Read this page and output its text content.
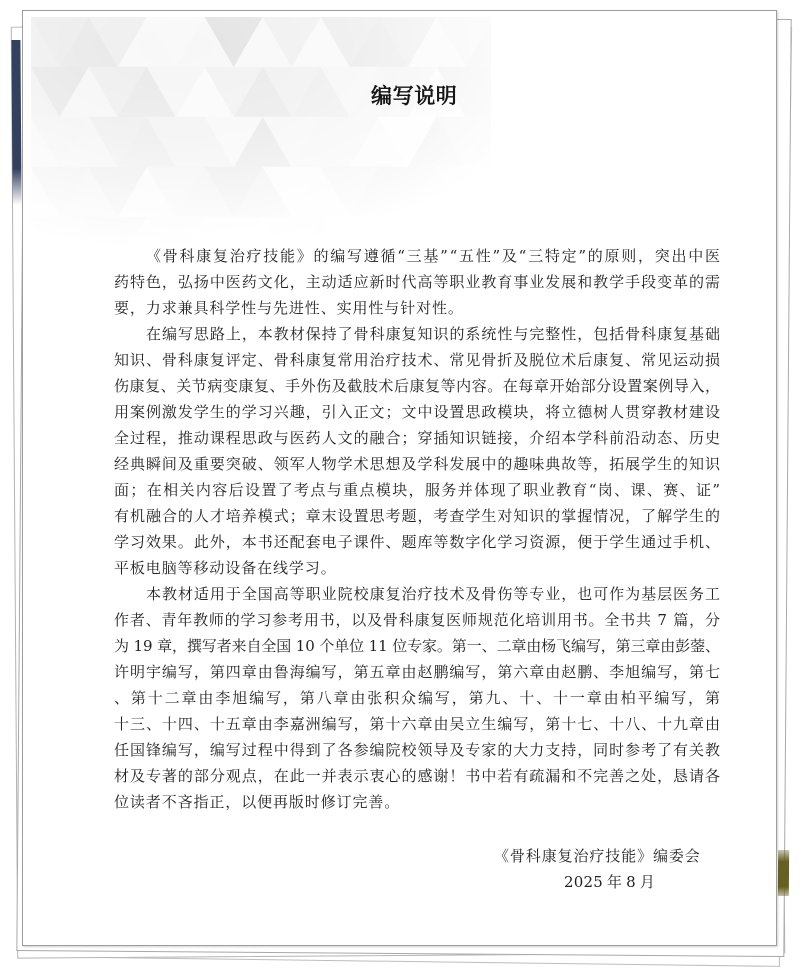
编写说明
《骨科康复治疗技能》的编写遵循“三基”“五性”及“三特定”的原则，突出中医
药特色，弘扬中医药文化，主动适应新时代高等职业教育事业发展和教学手段变革的需
要，力求兼具科学性与先进性、实用性与针对性。
在编写思路上，本教材保持了骨科康复知识的系统性与完整性，包括骨科康复基础
知识、骨科康复评定、骨科康复常用治疗技术、常见骨折及脱位术后康复、常见运动损
伤康复、关节病变康复、手外伤及截肢术后康复等内容。在每章开始部分设置案例导入，
用案例激发学生的学习兴趣，引入正文；文中设置思政模块，将立德树人贯穿教材建设
全过程，推动课程思政与医药人文的融合；穿插知识链接，介绍本学科前沿动态、历史
经典瞬间及重要突破、领军人物学术思想及学科发展中的趣味典故等，拓展学生的知识
面；在相关内容后设置了考点与重点模块，服务并体现了职业教育“岗、课、赛、证”
有机融合的人才培养模式；章末设置思考题，考查学生对知识的掌握情况，了解学生的
学习效果。此外，本书还配套电子课件、题库等数字化学习资源，便于学生通过手机、
平板电脑等移动设备在线学习。
本教材适用于全国高等职业院校康复治疗技术及骨伤等专业，也可作为基层医务工
作者、青年教师的学习参考用书，以及骨科康复医师规范化培训用书。全书共 7 篇，分
为 19 章，撰写者来自全国 10 个单位 11 位专家。第一、二章由杨飞编写，第三章由彭蓥、
许明宇编写，第四章由鲁海编写，第五章由赵鹏编写，第六章由赵鹏、李旭编写，第七
、第十二章由李旭编写，第八章由张积众编写，第九、十、十一章由柏平编写，第
十三、十四、十五章由李嘉洲编写，第十六章由吴立生编写，第十七、十八、十九章由
任国锋编写，编写过程中得到了各参编院校领导及专家的大力支持，同时参考了有关教
材及专著的部分观点，在此一并表示衷心的感谢！书中若有疏漏和不完善之处，恳请各
位读者不吝指正，以便再版时修订完善。
《骨科康复治疗技能》编委会
2025 年 8 月
